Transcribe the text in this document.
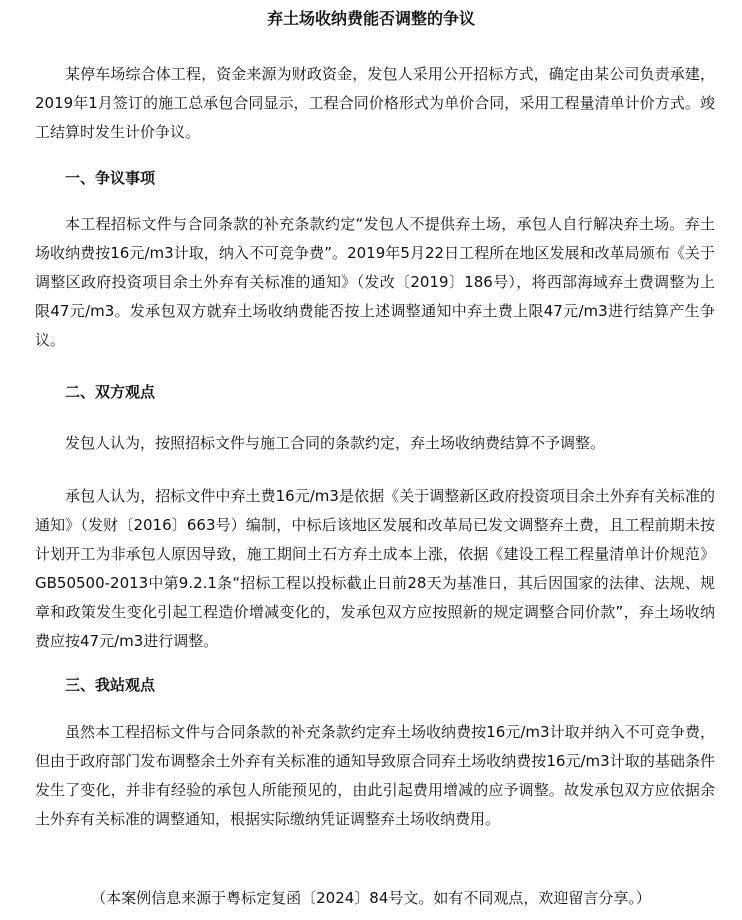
弃土场收纳费能否调整的争议

某停车场综合体工程，资金来源为财政资金，发包人采用公开招标方式，确定由某公司负责承建，2019年1月签订的施工总承包合同显示，工程合同价格形式为单价合同，采用工程量清单计价方式。竣工结算时发生计价争议。

一、争议事项

本工程招标文件与合同条款的补充条款约定“发包人不提供弃土场，承包人自行解决弃土场。弃土场收纳费按16元/m3计取，纳入不可竞争费”。2019年5月22日工程所在地区发展和改革局颁布《关于调整区政府投资项目余土外弃有关标准的通知》（发改〔2019〕186号），将西部海域弃土费调整为上限47元/m3。发承包双方就弃土场收纳费能否按上述调整通知中弃土费上限47元/m3进行结算产生争议。

二、双方观点

发包人认为，按照招标文件与施工合同的条款约定，弃土场收纳费结算不予调整。

承包人认为，招标文件中弃土费16元/m3是依据《关于调整新区政府投资项目余土外弃有关标准的通知》（发财〔2016〕663号）编制，中标后该地区发展和改革局已发文调整弃土费，且工程前期未按计划开工为非承包人原因导致，施工期间土石方弃土成本上涨，依据《建设工程工程量清单计价规范》GB50500-2013中第9.2.1条“招标工程以投标截止日前28天为基准日，其后因国家的法律、法规、规章和政策发生变化引起工程造价增减变化的，发承包双方应按照新的规定调整合同价款”，弃土场收纳费应按47元/m3进行调整。

三、我站观点

虽然本工程招标文件与合同条款的补充条款约定弃土场收纳费按16元/m3计取并纳入不可竞争费，但由于政府部门发布调整余土外弃有关标准的通知导致原合同弃土场收纳费按16元/m3计取的基础条件发生了变化，并非有经验的承包人所能预见的，由此引起费用增减的应予调整。故发承包双方应依据余土外弃有关标准的调整通知，根据实际缴纳凭证调整弃土场收纳费用。

（本案例信息来源于粤标定复函〔2024〕84号文。如有不同观点，欢迎留言分享。）
